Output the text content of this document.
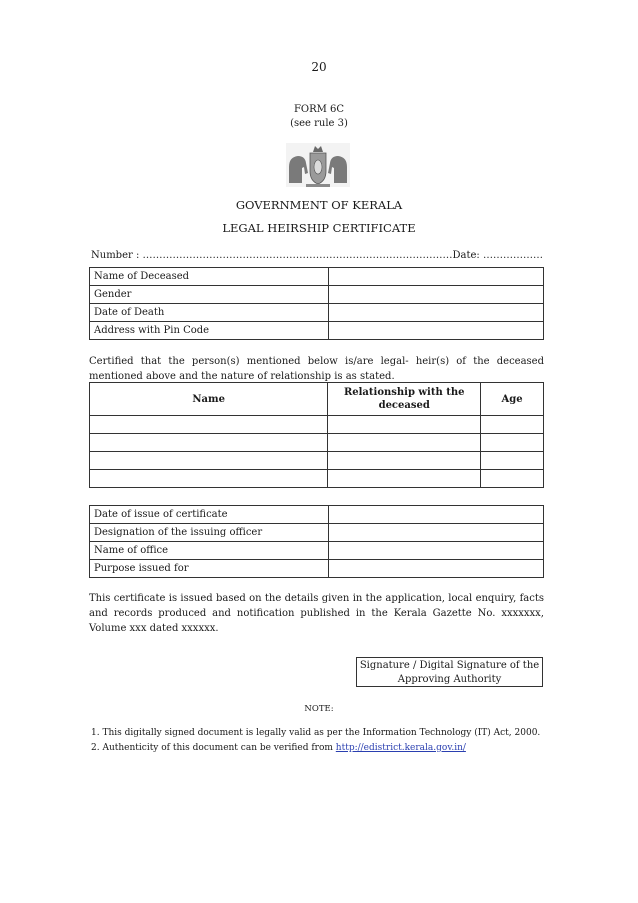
20
FORM 6C
(see rule 3)
GOVERNMENT OF KERALA
LEGAL HEIRSHIP CERTIFICATE
Number : …………………………………………………………………………………Date: ………………
Name of Deceased	
Gender	
Date of Death	
Address with Pin Code	
Certified that the person(s) mentioned below is/are legal- heir(s) of the deceased mentioned above and the nature of relationship is as stated.
Name	Relationship with the deceased	Age

Date of issue of certificate	
Designation of the issuing officer	
Name of office	
Purpose issued for	
This certificate is issued based on the details given in the application, local enquiry, facts and records produced and notification published in the Kerala Gazette No. xxxxxxx, Volume xxx dated xxxxxx.
Signature / Digital Signature of the
Approving Authority
NOTE:
1. This digitally signed document is legally valid as per the Information Technology (IT) Act, 2000.
2. Authenticity of this document can be verified from http://edistrict.kerala.gov.in/
